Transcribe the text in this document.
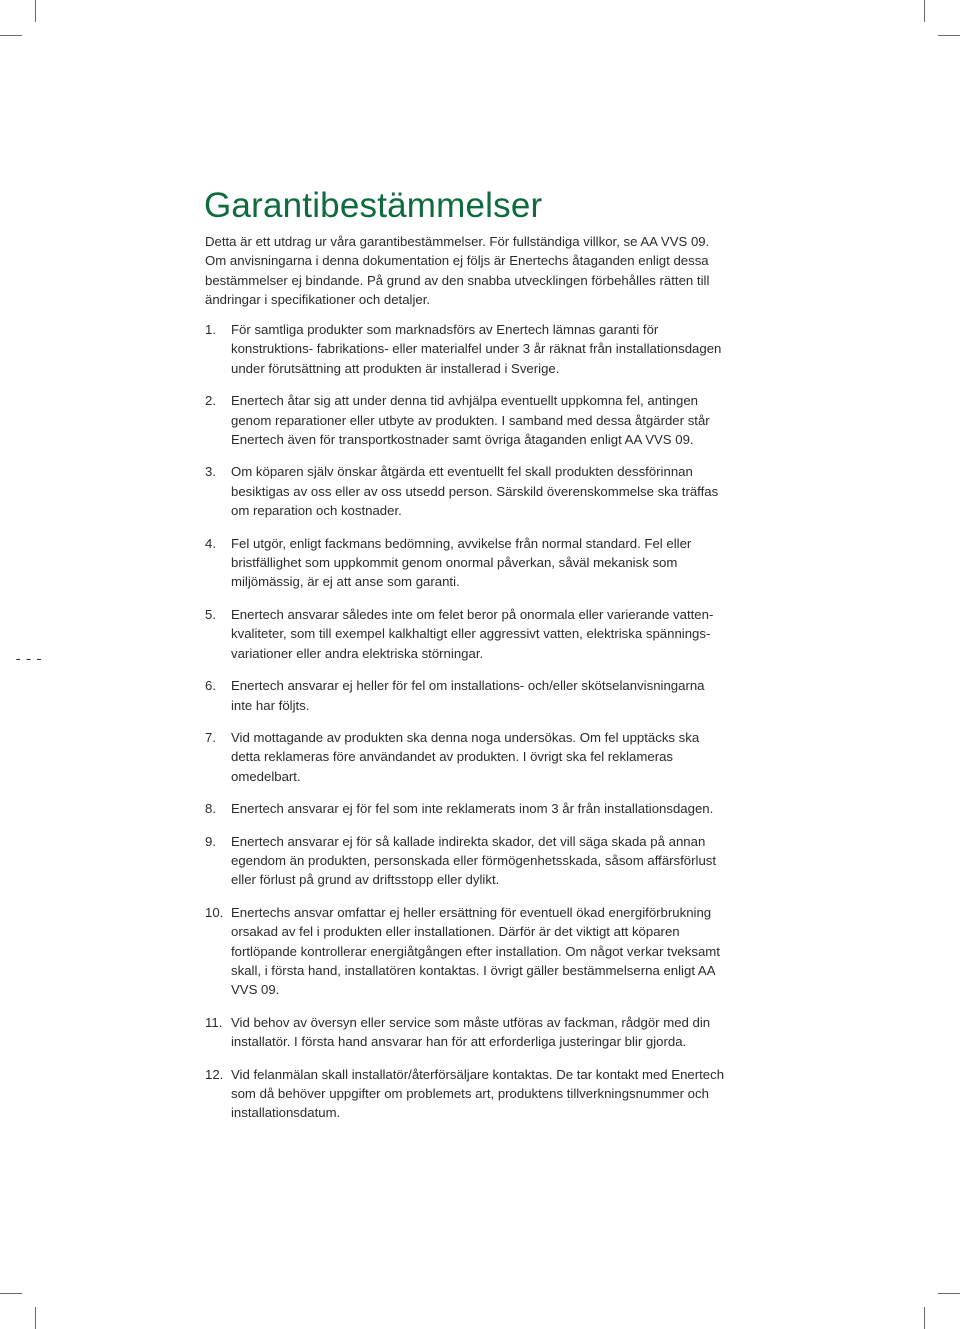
---
Garantibestämmelser

Detta är ett utdrag ur våra garantibestämmelser. För fullständiga villkor, se AA VVS 09. Om anvisningarna i denna dokumentation ej följs är Enertechs åtaganden enligt dessa bestämmelser ej bindande. På grund av den snabba utvecklingen förbehålles rätten till ändringar i specifikationer och detaljer.

1.	För samtliga produkter som marknadsförs av Enertech lämnas garanti för konstruktions- fabrikations- eller materialfel under 3 år räknat från installationsdagen under förutsättning att produkten är installerad i Sverige.
2.	Enertech åtar sig att under denna tid avhjälpa eventuellt uppkomna fel, antingen genom reparationer eller utbyte av produkten. I samband med dessa åtgärder står Enertech även för transportkostnader samt övriga åtaganden enligt AA VVS 09.
3.	Om köparen själv önskar åtgärda ett eventuellt fel skall produkten dessförinnan besiktigas av oss eller av oss utsedd person. Särskild överenskommelse ska träffas om reparation och kostnader.
4.	Fel utgör, enligt fackmans bedömning, avvikelse från normal standard. Fel eller bristfällighet som uppkommit genom onormal påverkan, såväl mekanisk som miljömässig, är ej att anse som garanti.
5.	Enertech ansvarar således inte om felet beror på onormala eller varierande vattenkvaliteter, som till exempel kalkhaltigt eller aggressivt vatten, elektriska spänningsvariationer eller andra elektriska störningar.
6.	Enertech ansvarar ej heller för fel om installations- och/eller skötselanvisningarna inte har följts.
7.	Vid mottagande av produkten ska denna noga undersökas. Om fel upptäcks ska detta reklameras före användandet av produkten. I övrigt ska fel reklameras omedelbart.
8.	Enertech ansvarar ej för fel som inte reklamerats inom 3 år från installationsdagen.
9.	Enertech ansvarar ej för så kallade indirekta skador, det vill säga skada på annan egendom än produkten, personskada eller förmögenhetsskada, såsom affärsförlust eller förlust på grund av driftsstopp eller dylikt.
10. Enertechs ansvar omfattar ej heller ersättning för eventuell ökad energiförbrukning orsakad av fel i produkten eller installationen. Därför är det viktigt att köparen fortlöpande kontrollerar energiåtgången efter installation. Om något verkar tveksamt skall, i första hand, installatören kontaktas. I övrigt gäller bestämmelserna enligt AA VVS 09.
11. Vid behov av översyn eller service som måste utföras av fackman, rådgör med din installatör. I första hand ansvarar han för att erforderliga justeringar blir gjorda.
12. Vid felanmälan skall installatör/återförsäljare kontaktas. De tar kontakt med Enertech som då behöver uppgifter om problemets art, produktens tillverkningsnummer och installationsdatum.
